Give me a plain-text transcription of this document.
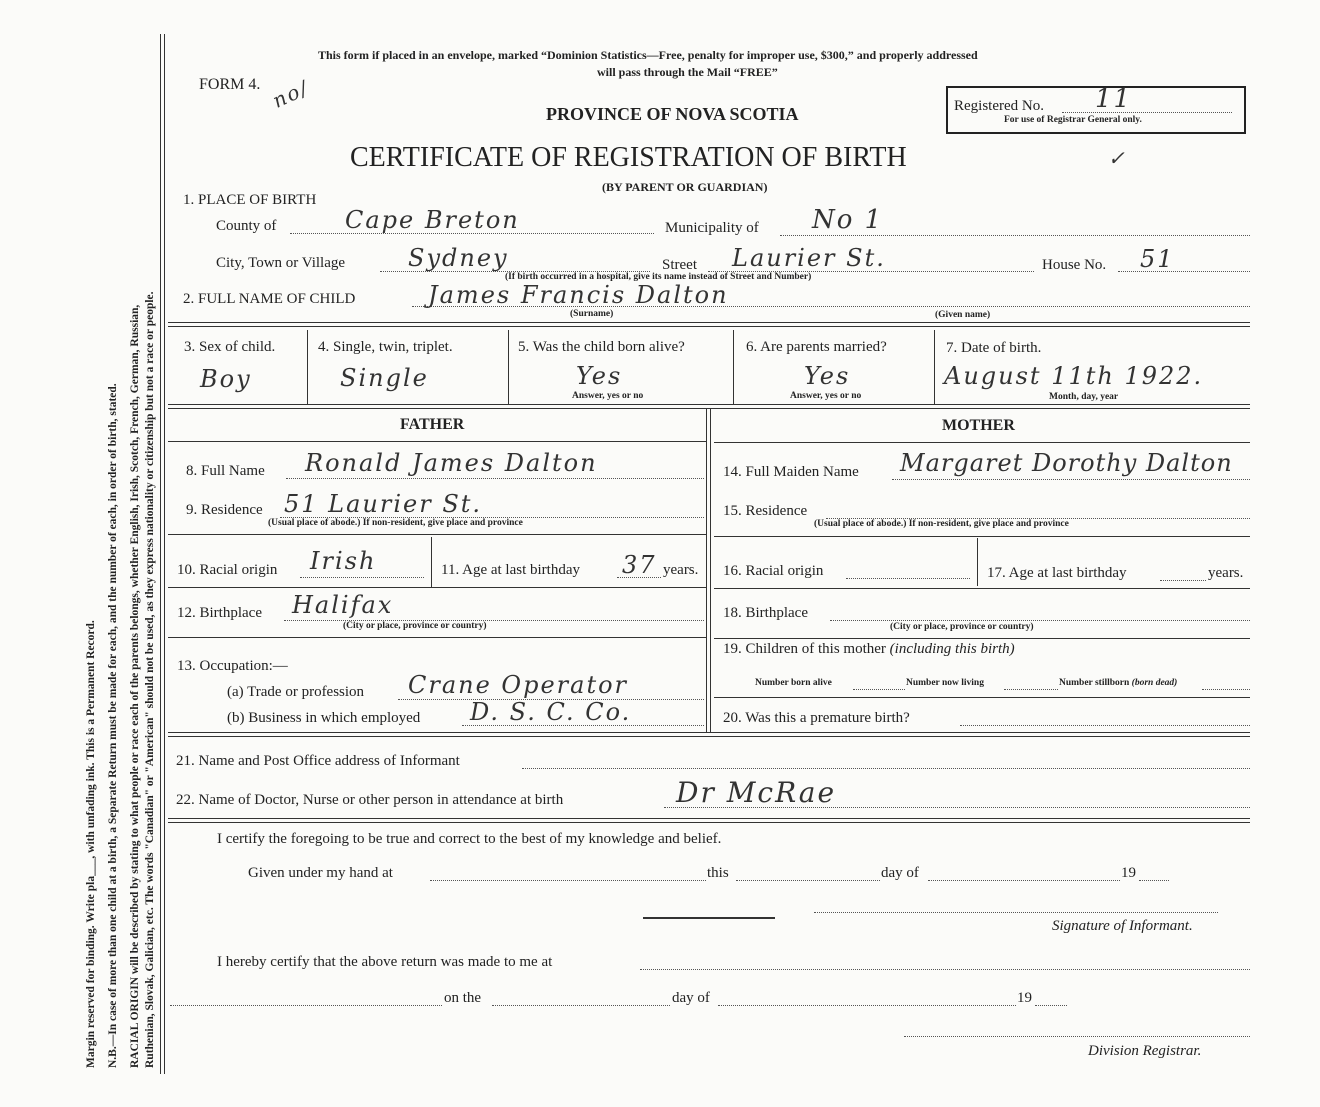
Margin reserved for binding. Write pla___, with unfading ink. This is a Permanent Record. N.B.—In case of more than one child at a birth, a Separate Return must be made for each, and the number of each, in order of birth, stated. RACIAL ORIGIN will be described by stating to what people or race each of the parents belongs, whether English, Irish, Scotch, French, German, Russian, Ruthenian, Slovak, Galician, etc. The words "Canadian" or "American" should not be used, as they express nationality or citizenship but not a race or people.
This form if placed in an envelope, marked “Dominion Statistics—Free, penalty for improper use, $300,” and properly addressed
will pass through the Mail “FREE”
FORM 4. no/
PROVINCE OF NOVA SCOTIA	Registered No. 11
For use of Registrar General only.
CERTIFICATE OF REGISTRATION OF BIRTH	✓
(BY PARENT OR GUARDIAN)
1. PLACE OF BIRTH
County of	Cape Breton	Municipality of No 1
City, Town or Village	Sydney	Street Laurier St.	House No. 51
(If birth occurred in a hospital, give its name instead of Street and Number)
2. FULL NAME OF CHILD	James Francis Dalton
(Surname)	(Given name)
3. Sex of child.
Boy
4. Single, twin, triplet.
Single
5. Was the child born alive?
Yes
Answer, yes or no
6. Are parents married?
Yes
Answer, yes or no
7. Date of birth.
August 11th 1922.
Month, day, year
FATHER
8. Full Name Ronald James Dalton
9. Residence 51 Laurier St.
(Usual place of abode.) If non-resident, give place and province
10. Racial origin Irish	11. Age at last birthday 37 years.
12. Birthplace Halifax
(City or place, province or country)
13. Occupation:—
(a) Trade or profession Crane Operator
(b) Business in which employed D. S. C. Co.
MOTHER
14. Full Maiden Name Margaret Dorothy Dalton
15. Residence
(Usual place of abode.) If non-resident, give place and province
16. Racial origin	17. Age at last birthday	years.
18. Birthplace
(City or place, province or country)
19. Children of this mother (including this birth)
Number born alive	Number now living	Number stillborn (born dead)
20. Was this a premature birth?
21. Name and Post Office address of Informant
22. Name of Doctor, Nurse or other person in attendance at birth	Dr McRae
I certify the foregoing to be true and correct to the best of my knowledge and belief.
Given under my hand at	this	day of	19
Signature of Informant.
I hereby certify that the above return was made to me at
on the	day of	19
Division Registrar.
